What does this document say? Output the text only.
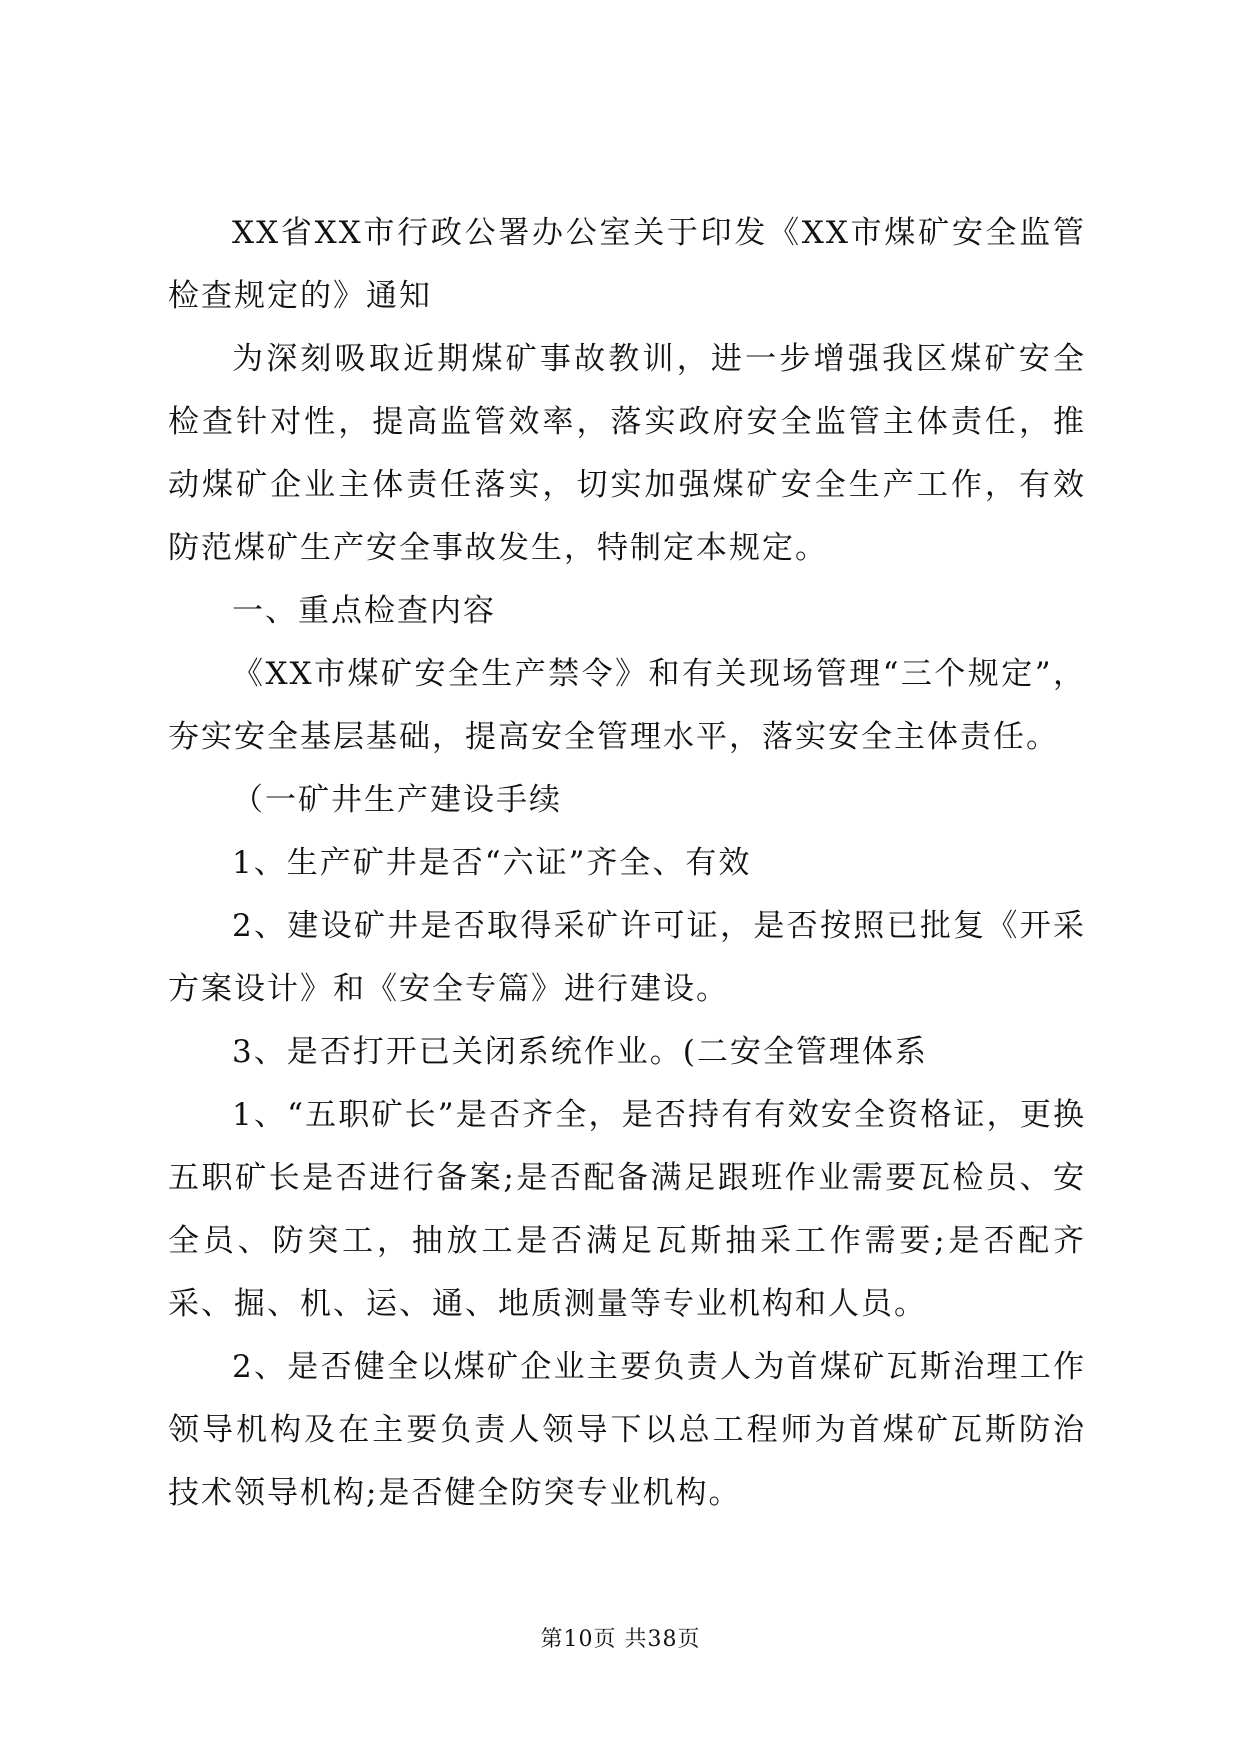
XX省XX市行政公署办公室关于印发《XX市煤矿安全监管检查规定的》通知

为深刻吸取近期煤矿事故教训，进一步增强我区煤矿安全检查针对性，提高监管效率，落实政府安全监管主体责任，推动煤矿企业主体责任落实，切实加强煤矿安全生产工作，有效防范煤矿生产安全事故发生，特制定本规定。

一、重点检查内容

《XX市煤矿安全生产禁令》和有关现场管理“三个规定”，夯实安全基层基础，提高安全管理水平，落实安全主体责任。

（一矿井生产建设手续

1、生产矿井是否“六证”齐全、有效

2、建设矿井是否取得采矿许可证，是否按照已批复《开采方案设计》和《安全专篇》进行建设。

3、是否打开已关闭系统作业。(二安全管理体系

1、“五职矿长”是否齐全，是否持有有效安全资格证，更换五职矿长是否进行备案;是否配备满足跟班作业需要瓦检员、安全员、防突工，抽放工是否满足瓦斯抽采工作需要;是否配齐采、掘、机、运、通、地质测量等专业机构和人员。

2、是否健全以煤矿企业主要负责人为首煤矿瓦斯治理工作领导机构及在主要负责人领导下以总工程师为首煤矿瓦斯防治技术领导机构;是否健全防突专业机构。

第10页 共38页
